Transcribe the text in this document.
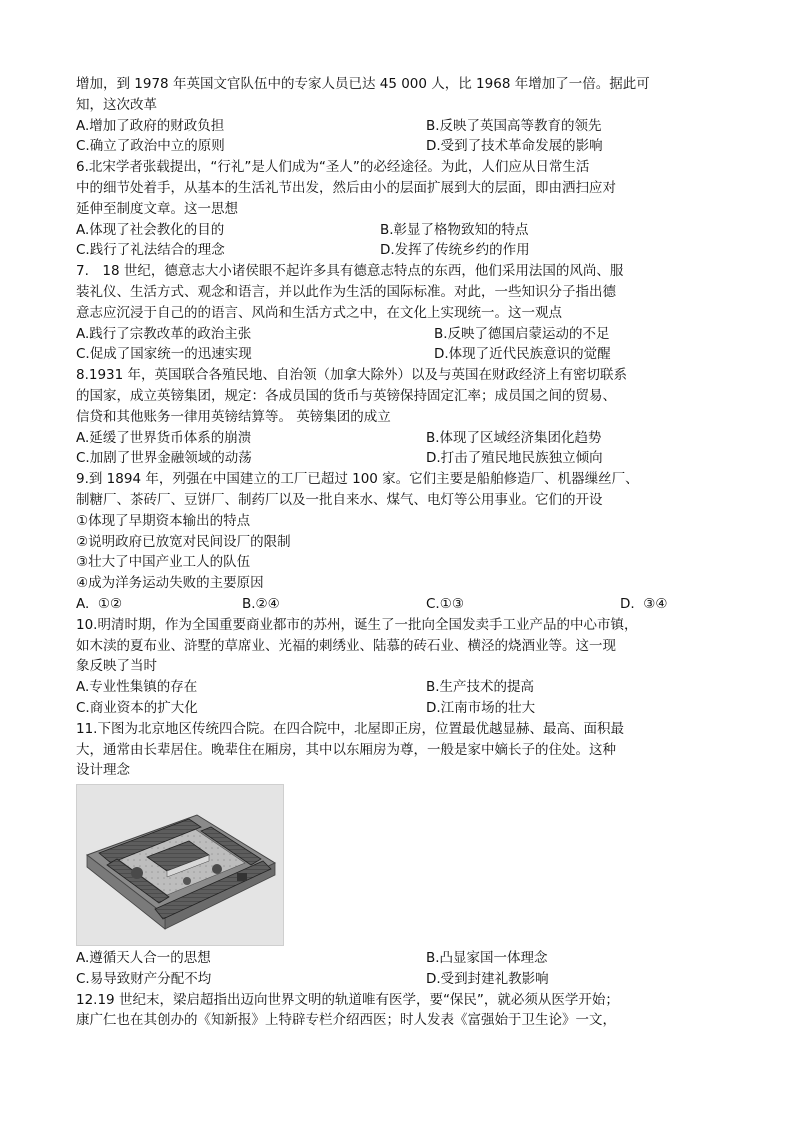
增加，到 1978 年英国文官队伍中的专家人员已达 45 000 人，比 1968 年增加了一倍。据此可
知，这次改革
A.增加了政府的财政负担	B.反映了英国高等教育的领先
C.确立了政治中立的原则	D.受到了技术革命发展的影响
6.北宋学者张载提出，“行礼”是人们成为“圣人”的必经途径。为此，人们应从日常生活
中的细节处着手，从基本的生活礼节出发，然后由小的层面扩展到大的层面，即由洒扫应对
延伸至制度文章。这一思想
A.体现了社会教化的目的	B.彰显了格物致知的特点
C.践行了礼法结合的理念	D.发挥了传统乡约的作用
7.　18 世纪，德意志大小诸侯眼不起许多具有德意志特点的东西，他们采用法国的风尚、服
装礼仪、生活方式、观念和语言，并以此作为生活的国际标准。对此，一些知识分子指出德
意志应沉浸于自己的的语言、风尚和生活方式之中，在文化上实现统一。这一观点
A.践行了宗教改革的政治主张	B.反映了德国启蒙运动的不足
C.促成了国家统一的迅速实现	D.体现了近代民族意识的觉醒
8.1931 年，英国联合各殖民地、自治领（加拿大除外）以及与英国在财政经济上有密切联系
的国家，成立英镑集团，规定：各成员国的货币与英镑保持固定汇率；成员国之间的贸易、
信贷和其他账务一律用英镑结算等。 英镑集团的成立
A.延缓了世界货币体系的崩溃	B.体现了区域经济集团化趋势
C.加剧了世界金融领域的动荡	D.打击了殖民地民族独立倾向
9.到 1894 年，列强在中国建立的工厂已超过 100 家。它们主要是船舶修造厂、机器缫丝厂、
制糖厂、茶砖厂、豆饼厂、制药厂以及一批自来水、煤气、电灯等公用事业。它们的开设
①体现了早期资本输出的特点
②说明政府已放宽对民间设厂的限制
③壮大了中国产业工人的队伍
④成为洋务运动失败的主要原因
A.  ①②	B.②④	C.①③	D.  ③④
10.明清时期，作为全国重要商业都市的苏州，诞生了一批向全国发卖手工业产品的中心市镇，
如木渎的夏布业、浒墅的草席业、光福的刺绣业、陆慕的砖石业、横泾的烧酒业等。这一现
象反映了当时
A.专业性集镇的存在	B.生产技术的提高
C.商业资本的扩大化	D.江南市场的壮大
11.下图为北京地区传统四合院。在四合院中，北屋即正房，位置最优越显赫、最高、面积最
大，通常由长辈居住。晚辈住在厢房，其中以东厢房为尊，一般是家中嫡长子的住处。这种
设计理念
A.遵循天人合一的思想	B.凸显家国一体理念
C.易导致财产分配不均	D.受到封建礼教影响
12.19 世纪末，梁启超指出迈向世界文明的轨道唯有医学，要“保民”，就必须从医学开始；
康广仁也在其创办的《知新报》上特辟专栏介绍西医；时人发表《富强始于卫生论》一文，
